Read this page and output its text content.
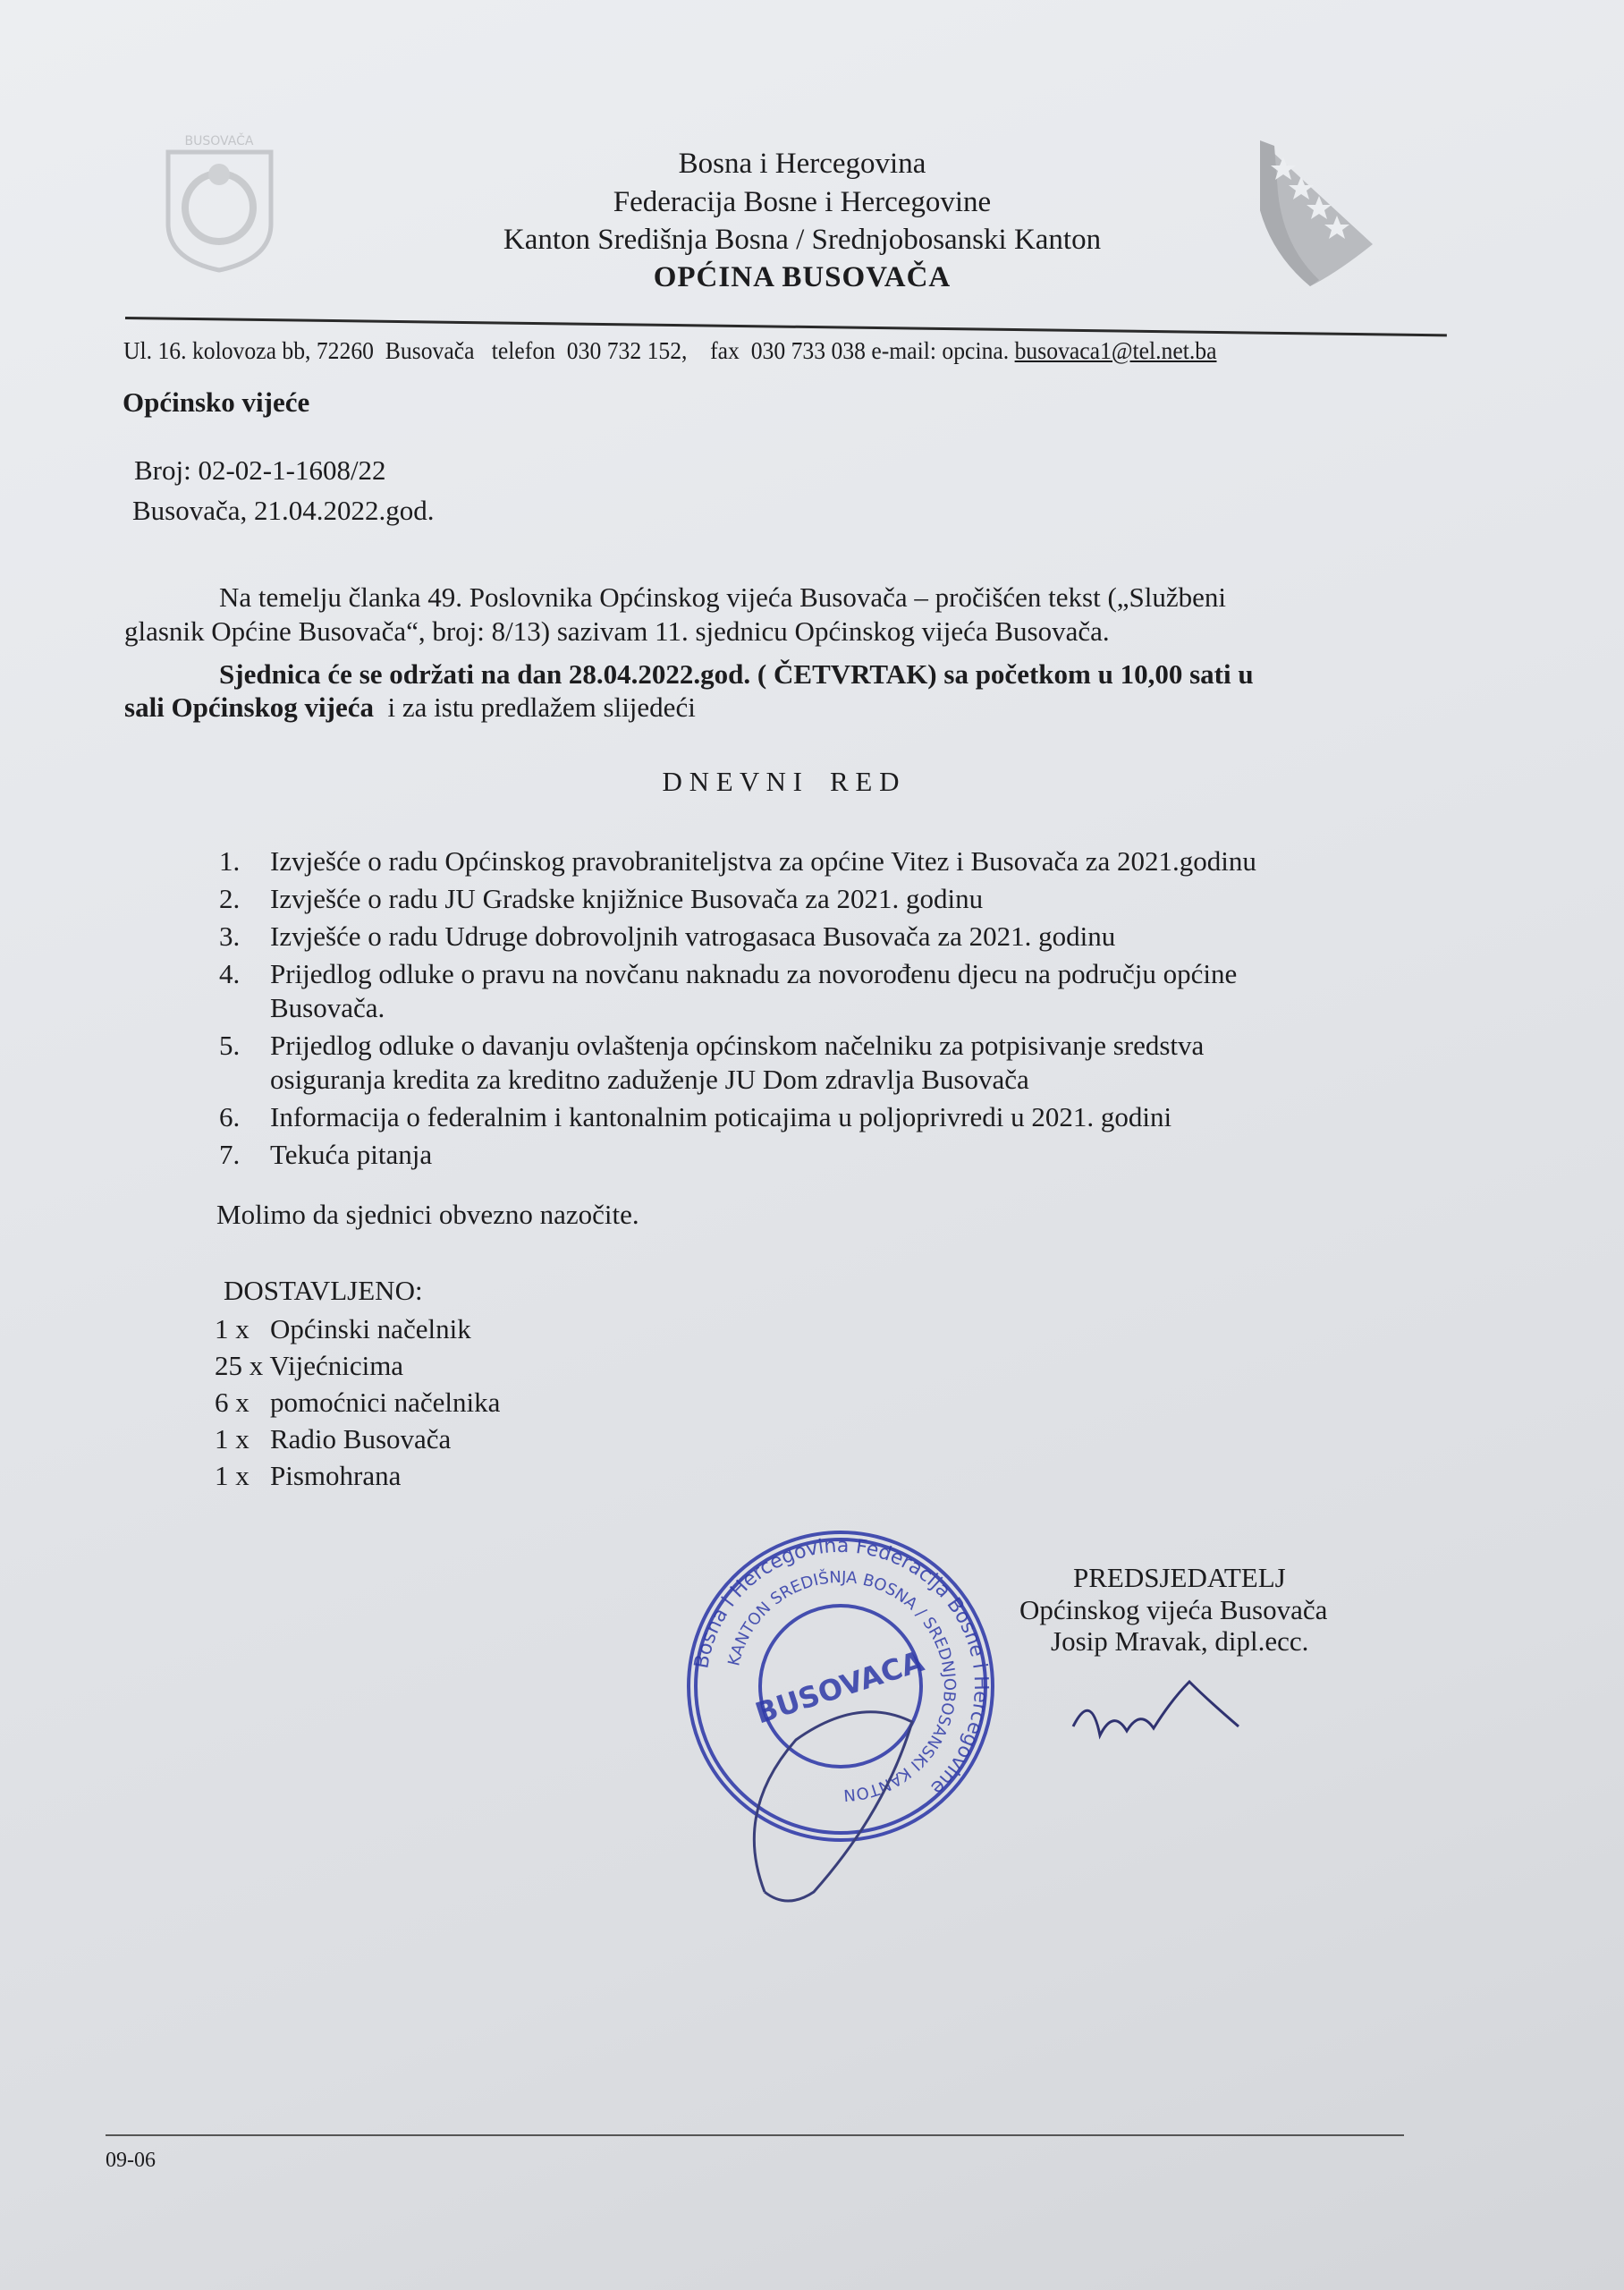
BUSOVAČA
Bosna i Hercegovina
Federacija Bosne i Hercegovine
Kanton Središnja Bosna / Srednjobosanski Kanton
OPĆINA BUSOVAČA
Ul. 16. kolovoza bb, 72260  Busovača   telefon  030 732 152,    fax  030 733 038 e-mail: opcina. busovaca1@tel.net.ba
Općinsko vijeće
Broj: 02-02-1-1608/22
Busovača, 21.04.2022.god.
Na temelju članka 49. Poslovnika Općinskog vijeća Busovača – pročišćen tekst („Službeni
glasnik Općine Busovača“, broj: 8/13) sazivam 11. sjednicu Općinskog vijeća Busovača.
Sjednica će se održati na dan 28.04.2022.god. ( ČETVRTAK) sa početkom u 10,00 sati u
sali Općinskog vijeća  i za istu predlažem slijedeći
D N E V N I    R E D
1. Izvješće o radu Općinskog pravobraniteljstva za općine Vitez i Busovača za 2021.godinu
2. Izvješće o radu JU Gradske knjižnice Busovača za 2021. godinu
3. Izvješće o radu Udruge dobrovoljnih vatrogasaca Busovača za 2021. godinu
4. Prijedlog odluke o pravu na novčanu naknadu za novorođenu djecu na području općine
Busovača.
5. Prijedlog odluke o davanju ovlaštenja općinskom načelniku za potpisivanje sredstva
osiguranja kredita za kreditno zaduženje JU Dom zdravlja Busovača
6. Informacija o federalnim i kantonalnim poticajima u poljoprivredi u 2021. godini
7. Tekuća pitanja
Molimo da sjednici obvezno nazočite.
DOSTAVLJENO:
1 x   Općinski načelnik
25 x Vijećnicima
6 x   pomoćnici načelnika
1 x   Radio Busovača
1 x   Pismohrana
Bosna i Hercegovina Federacija Bosne i Hercegovine
KANTON SREDIŠNJA BOSNA / SREDNJOBOSANSKI KANTON
BUSOVACA
PREDSJEDATELJ
Općinskog vijeća Busovača
Josip Mravak, dipl.ecc.
09-06
